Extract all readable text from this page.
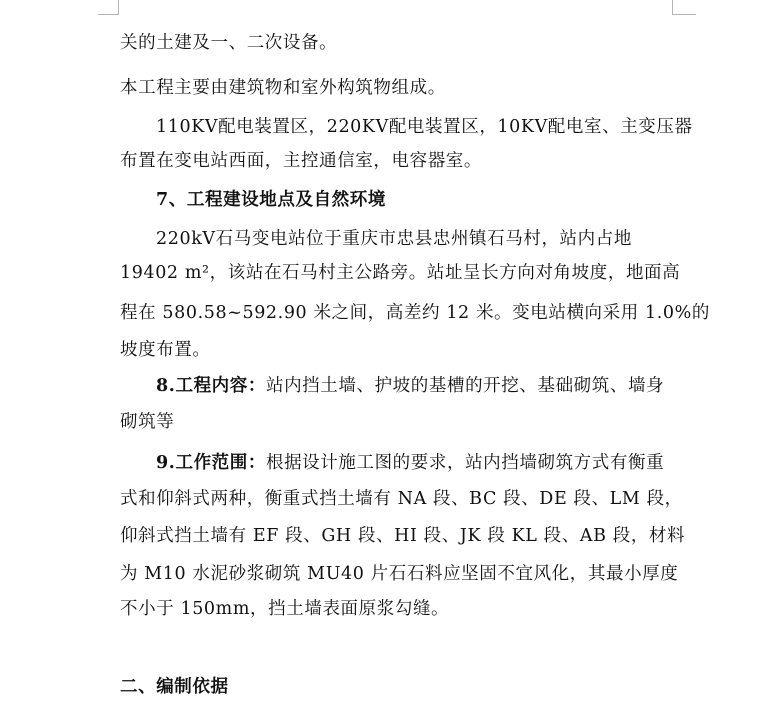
关的土建及一、二次设备。
本工程主要由建筑物和室外构筑物组成。
110KV配电装置区，220KV配电装置区，10KV配电室、主变压器
布置在变电站西面，主控通信室，电容器室。
7、工程建设地点及自然环境
220kV石马变电站位于重庆市忠县忠州镇石马村，站内占地
19402 m²，该站在石马村主公路旁。站址呈长方向对角坡度，地面高
程在 580.58~592.90 米之间，高差约 12 米。变电站横向采用 1.0%的
坡度布置。
8.工程内容：站内挡土墙、护坡的基槽的开挖、基础砌筑、墙身
砌筑等
9.工作范围：根据设计施工图的要求，站内挡墙砌筑方式有衡重
式和仰斜式两种，衡重式挡土墙有 NA 段、BC 段、DE 段、LM 段，
仰斜式挡土墙有 EF 段、GH 段、HI 段、JK 段 KL 段、AB 段，材料
为 M10 水泥砂浆砌筑 MU40 片石石料应坚固不宜风化，其最小厚度
不小于 150mm，挡土墙表面原浆勾缝。
二、编制依据
